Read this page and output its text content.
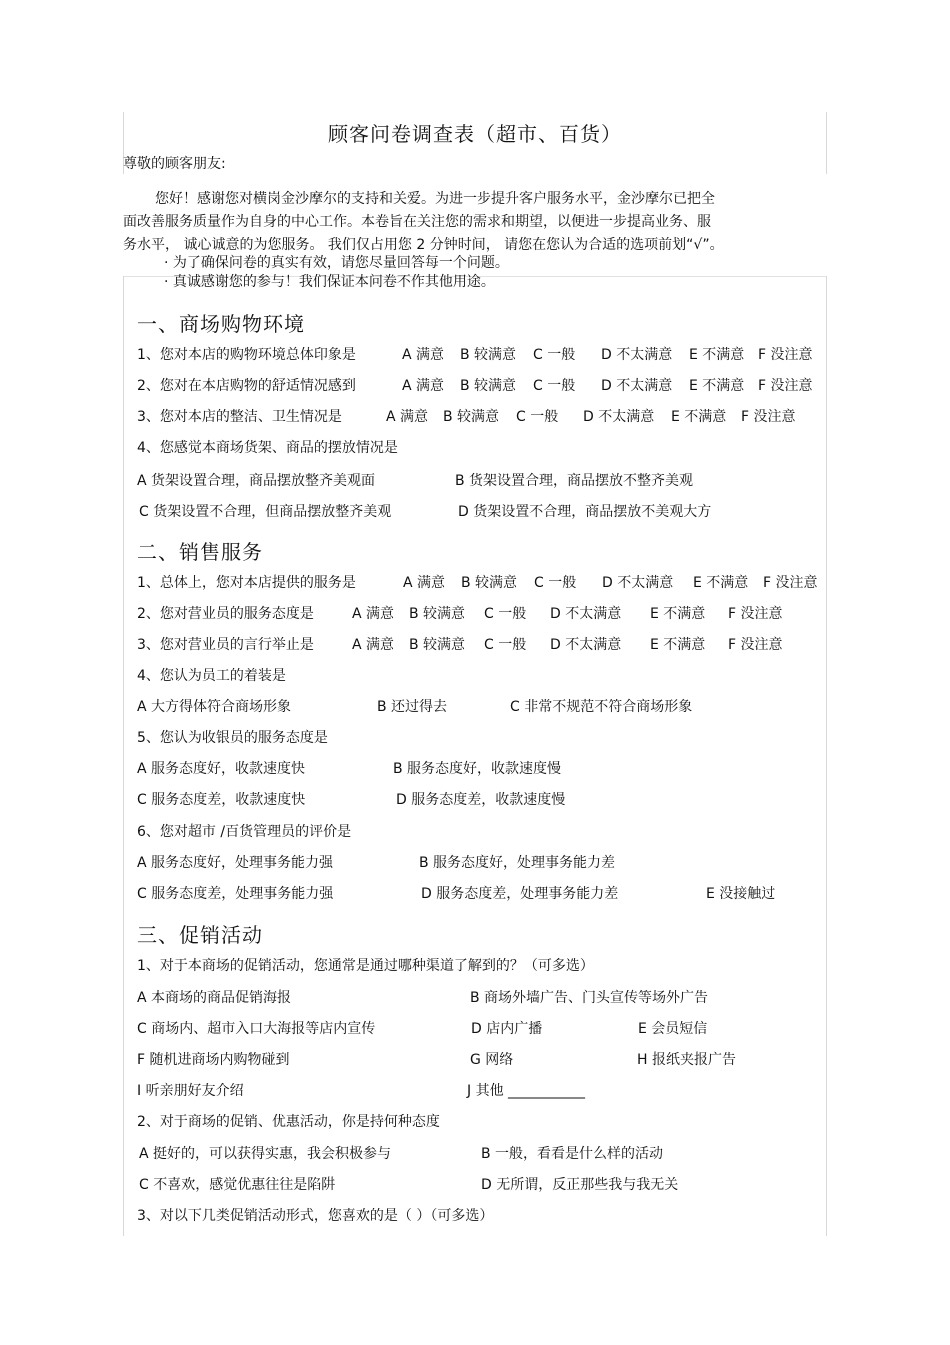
顾客问卷调查表（超市、百货）
尊敬的顾客朋友:
您好！感谢您对横岗金沙摩尔的支持和关爱。为进一步提升客户服务水平，金沙摩尔已把全
面改善服务质量作为自身的中心工作。本卷旨在关注您的需求和期望，以便进一步提高业务、服
务水平， 诚心诚意的为您服务。 我们仅占用您 2 分钟时间， 请您在您认为合适的选项前划“√”。
· 为了确保问卷的真实有效，请您尽量回答每一个问题。
· 真诚感谢您的参与！我们保证本问卷不作其他用途。
一、商场购物环境
1、您对本店的购物环境总体印象是	A 满意 B 较满意 C 一般 D 不太满意 E 不满意 F 没注意
2、您对在本店购物的舒适情况感到	A 满意 B 较满意 C 一般 D 不太满意 E 不满意 F 没注意
3、您对本店的整洁、卫生情况是	A 满意 B 较满意 C 一般 D 不太满意 E 不满意 F 没注意
4、您感觉本商场货架、商品的摆放情况是
A 货架设置合理，商品摆放整齐美观面	B 货架设置合理，商品摆放不整齐美观
C 货架设置不合理，但商品摆放整齐美观	D 货架设置不合理，商品摆放不美观大方
二、销售服务
1、总体上，您对本店提供的服务是	A 满意 B 较满意 C 一般 D 不太满意 E 不满意 F 没注意
2、您对营业员的服务态度是	A 满意 B 较满意 C 一般 D 不太满意 E 不满意 F 没注意
3、您对营业员的言行举止是	A 满意 B 较满意 C 一般 D 不太满意 E 不满意 F 没注意
4、您认为员工的着装是
A 大方得体符合商场形象	B 还过得去	C 非常不规范不符合商场形象
5、您认为收银员的服务态度是
A 服务态度好，收款速度快	B 服务态度好，收款速度慢
C 服务态度差，收款速度快	D 服务态度差，收款速度慢
6、您对超市 /百货管理员的评价是
A 服务态度好，处理事务能力强	B 服务态度好，处理事务能力差
C 服务态度差，处理事务能力强	D 服务态度差，处理事务能力差	E 没接触过
三、促销活动
1、对于本商场的促销活动，您通常是通过哪种渠道了解到的？（可多选）
A 本商场的商品促销海报	B 商场外墙广告、门头宣传等场外广告
C 商场内、超市入口大海报等店内宣传	D 店内广播	E 会员短信
F 随机进商场内购物碰到	G 网络	H 报纸夹报广告
I 听亲朋好友介绍	J 其他 ___________
2、对于商场的促销、优惠活动，你是持何种态度
A 挺好的，可以获得实惠，我会积极参与	B 一般，看看是什么样的活动
C 不喜欢，感觉优惠往往是陷阱	D 无所谓，反正那些我与我无关
3、对以下几类促销活动形式，您喜欢的是（ ）（可多选）
